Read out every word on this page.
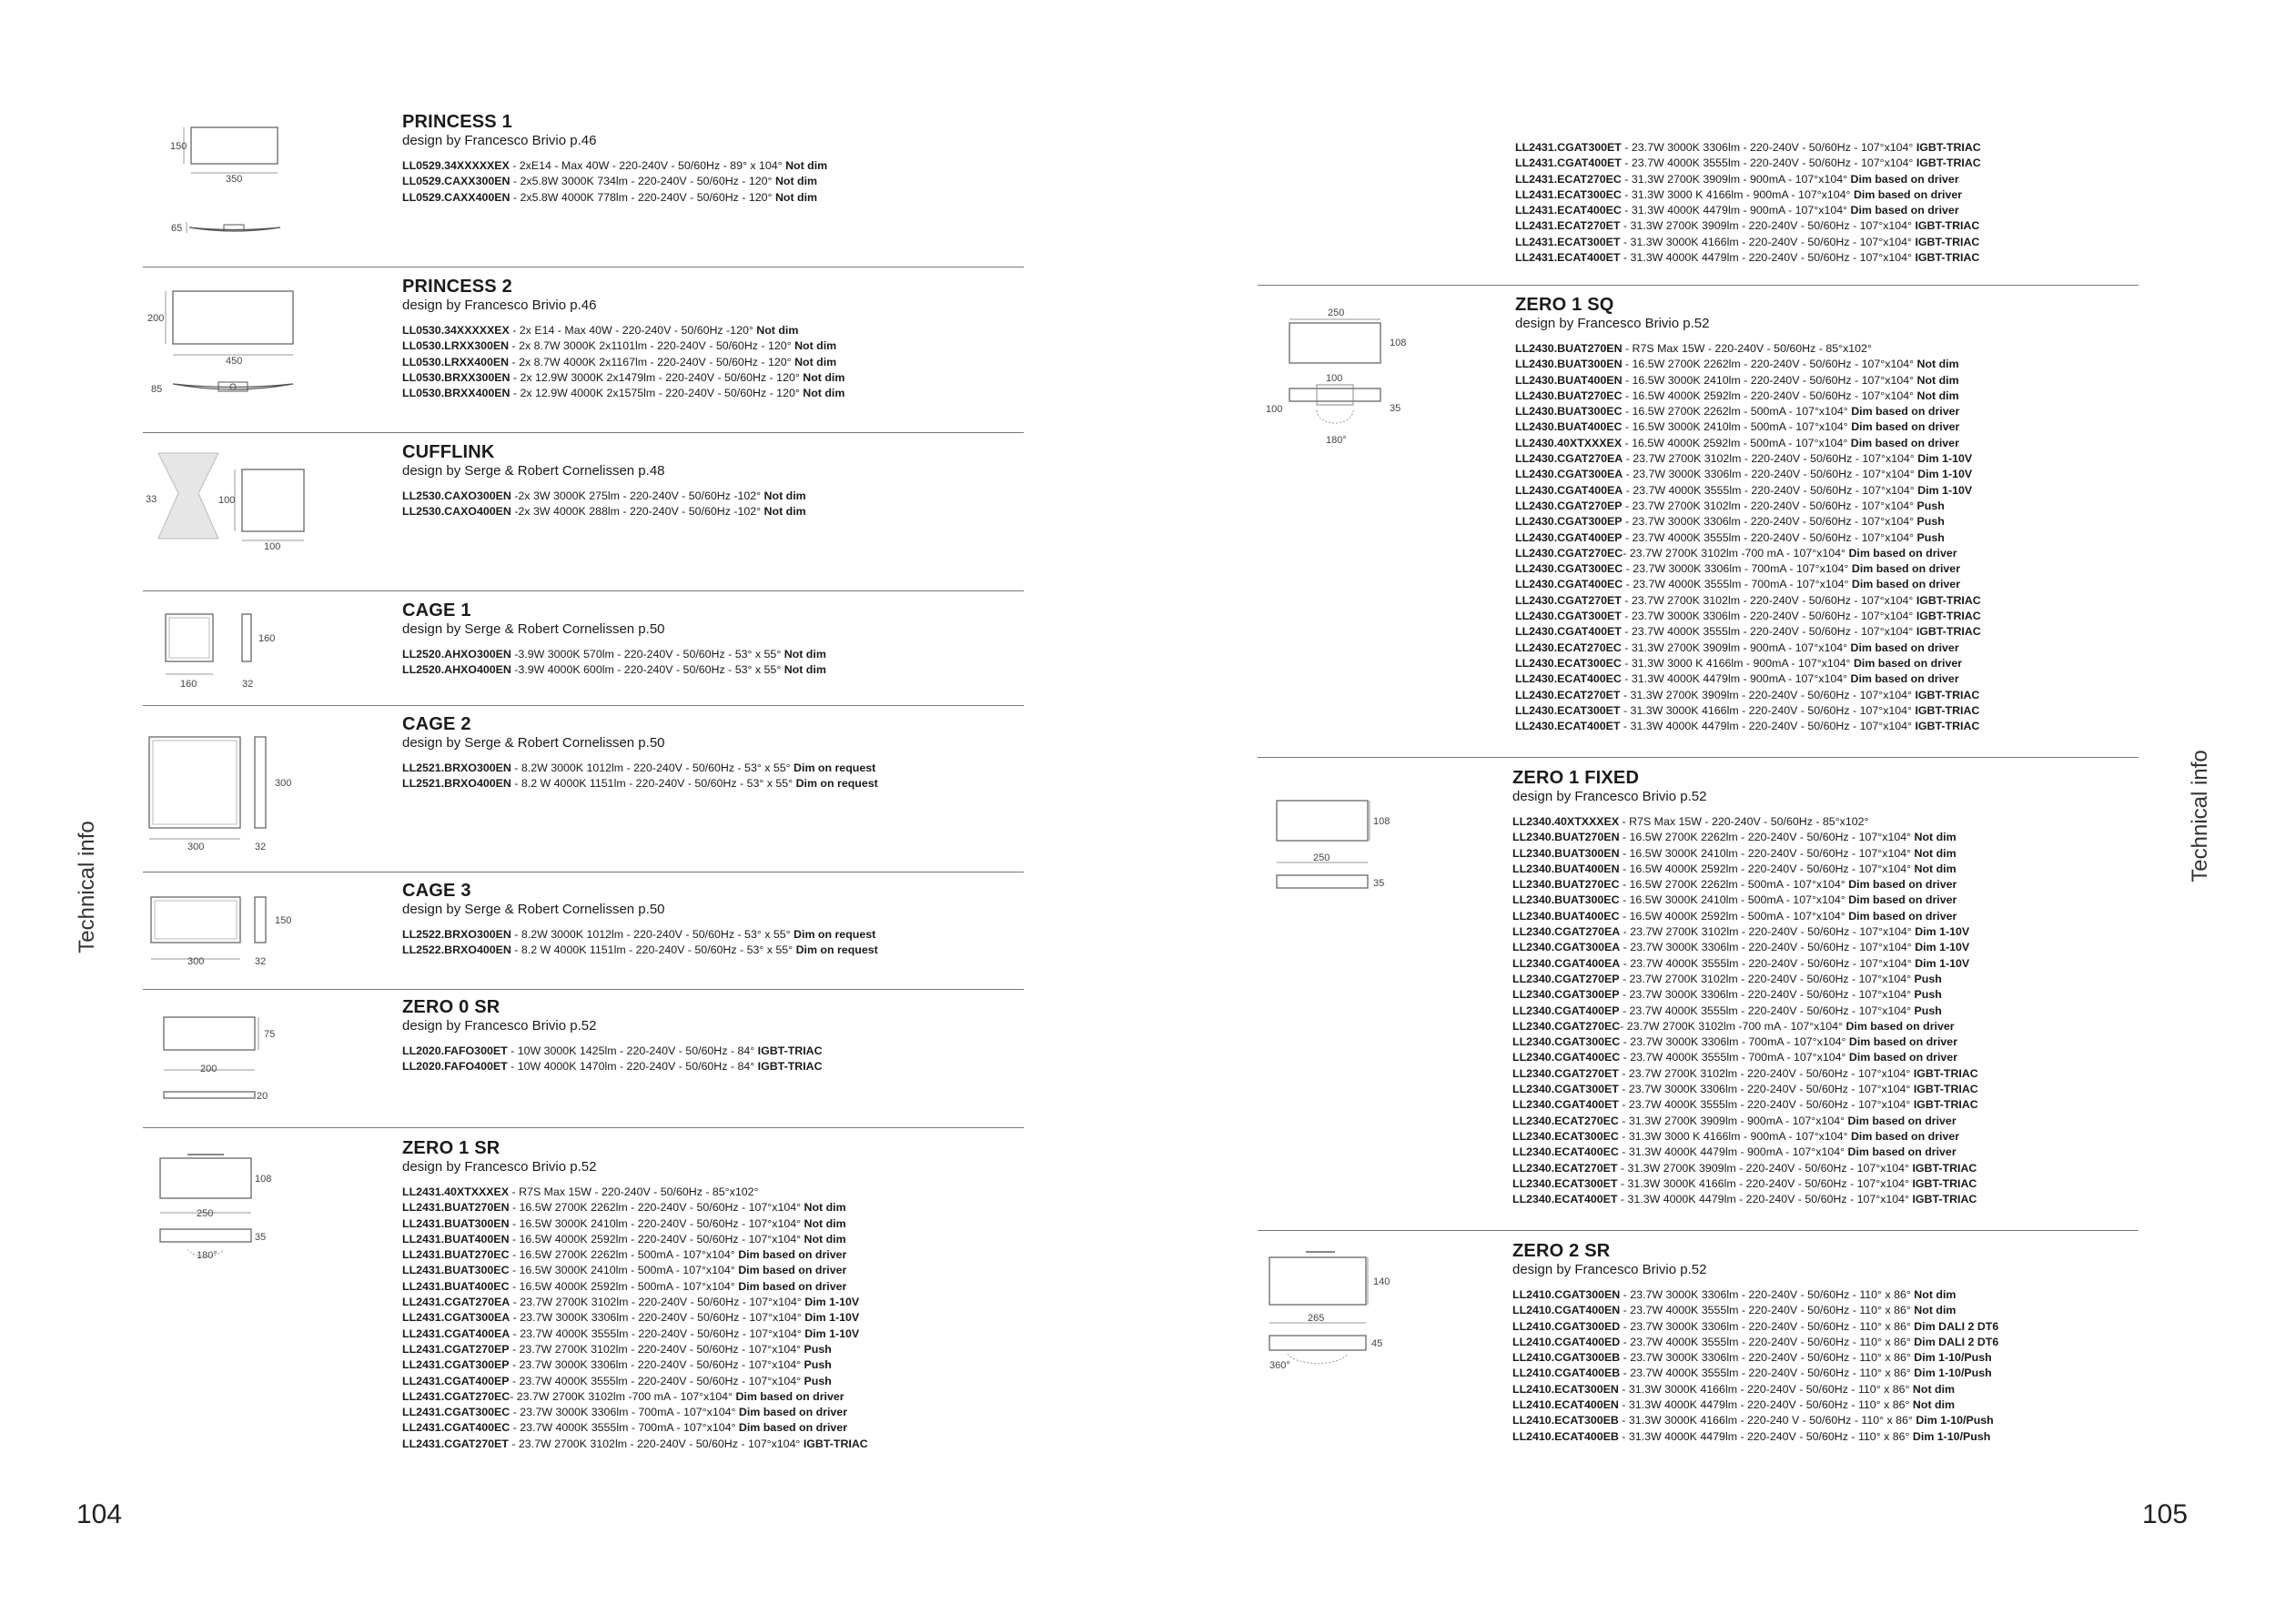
Technical info
Technical info
104	105
150
350
65
200
450
85
33	100
100
160
160
32
300
300
32
300
150
32
75
200
20
108
250
35
180°
250
108
100
100	35
180°
108
250
35
140
265
45
360°
PRINCESS 1
design by Francesco Brivio p.46
LL0529.34XXXXXEX - 2xE14 - Max 40W - 220-240V - 50/60Hz - 89° x 104° Not dim
LL0529.CAXX300EN - 2x5.8W 3000K 734lm - 220-240V - 50/60Hz - 120° Not dim
LL0529.CAXX400EN - 2x5.8W 4000K 778lm - 220-240V - 50/60Hz - 120° Not dim
PRINCESS 2
design by Francesco Brivio p.46
LL0530.34XXXXXEX - 2x E14 - Max 40W - 220-240V - 50/60Hz -120° Not dim
LL0530.LRXX300EN - 2x 8.7W 3000K 2x1101lm - 220-240V - 50/60Hz - 120° Not dim
LL0530.LRXX400EN - 2x 8.7W 4000K 2x1167lm - 220-240V - 50/60Hz - 120° Not dim
LL0530.BRXX300EN - 2x 12.9W 3000K 2x1479lm - 220-240V - 50/60Hz - 120° Not dim
LL0530.BRXX400EN - 2x 12.9W 4000K 2x1575lm - 220-240V - 50/60Hz - 120° Not dim
CUFFLINK
design by Serge & Robert Cornelissen p.48
LL2530.CAXO300EN -2x 3W 3000K 275lm - 220-240V - 50/60Hz -102° Not dim
LL2530.CAXO400EN -2x 3W 4000K 288lm - 220-240V - 50/60Hz -102° Not dim
CAGE 1
design by Serge & Robert Cornelissen p.50
LL2520.AHXO300EN -3.9W 3000K 570lm - 220-240V - 50/60Hz - 53° x 55° Not dim
LL2520.AHXO400EN -3.9W 4000K 600lm - 220-240V - 50/60Hz - 53° x 55° Not dim
CAGE 2
design by Serge & Robert Cornelissen p.50
LL2521.BRXO300EN - 8.2W 3000K 1012lm - 220-240V - 50/60Hz - 53° x 55° Dim on request
LL2521.BRXO400EN - 8.2 W 4000K 1151lm - 220-240V - 50/60Hz - 53° x 55° Dim on request
CAGE 3
design by Serge & Robert Cornelissen p.50
LL2522.BRXO300EN - 8.2W 3000K 1012lm - 220-240V - 50/60Hz - 53° x 55° Dim on request
LL2522.BRXO400EN - 8.2 W 4000K 1151lm - 220-240V - 50/60Hz - 53° x 55° Dim on request
ZERO 0 SR
design by Francesco Brivio p.52
LL2020.FAFO300ET - 10W 3000K 1425lm - 220-240V - 50/60Hz - 84° IGBT-TRIAC
LL2020.FAFO400ET - 10W 4000K 1470lm - 220-240V - 50/60Hz - 84° IGBT-TRIAC
ZERO 1 SR
design by Francesco Brivio p.52
LL2431.40XTXXXEX - R7S Max 15W - 220-240V - 50/60Hz - 85°x102°
LL2431.BUAT270EN - 16.5W 2700K 2262lm - 220-240V - 50/60Hz - 107°x104° Not dim
LL2431.BUAT300EN - 16.5W 3000K 2410lm - 220-240V - 50/60Hz - 107°x104° Not dim
LL2431.BUAT400EN - 16.5W 4000K 2592lm - 220-240V - 50/60Hz - 107°x104° Not dim
LL2431.BUAT270EC - 16.5W 2700K 2262lm - 500mA - 107°x104° Dim based on driver
LL2431.BUAT300EC - 16.5W 3000K 2410lm - 500mA - 107°x104° Dim based on driver
LL2431.BUAT400EC - 16.5W 4000K 2592lm - 500mA - 107°x104° Dim based on driver
LL2431.CGAT270EA - 23.7W 2700K 3102lm - 220-240V - 50/60Hz - 107°x104° Dim 1-10V
LL2431.CGAT300EA - 23.7W 3000K 3306lm - 220-240V - 50/60Hz - 107°x104° Dim 1-10V
LL2431.CGAT400EA - 23.7W 4000K 3555lm - 220-240V - 50/60Hz - 107°x104° Dim 1-10V
LL2431.CGAT270EP - 23.7W 2700K 3102lm - 220-240V - 50/60Hz - 107°x104° Push
LL2431.CGAT300EP - 23.7W 3000K 3306lm - 220-240V - 50/60Hz - 107°x104° Push
LL2431.CGAT400EP - 23.7W 4000K 3555lm - 220-240V - 50/60Hz - 107°x104° Push
LL2431.CGAT270EC- 23.7W 2700K 3102lm -700 mA - 107°x104° Dim based on driver
LL2431.CGAT300EC - 23.7W 3000K 3306lm - 700mA - 107°x104° Dim based on driver
LL2431.CGAT400EC - 23.7W 4000K 3555lm - 700mA - 107°x104° Dim based on driver
LL2431.CGAT270ET - 23.7W 2700K 3102lm - 220-240V - 50/60Hz - 107°x104° IGBT-TRIAC
LL2431.CGAT300ET - 23.7W 3000K 3306lm - 220-240V - 50/60Hz - 107°x104° IGBT-TRIAC
LL2431.CGAT400ET - 23.7W 4000K 3555lm - 220-240V - 50/60Hz - 107°x104° IGBT-TRIAC
LL2431.ECAT270EC - 31.3W 2700K 3909lm - 900mA - 107°x104° Dim based on driver
LL2431.ECAT300EC - 31.3W 3000 K 4166lm - 900mA - 107°x104° Dim based on driver
LL2431.ECAT400EC - 31.3W 4000K 4479lm - 900mA - 107°x104° Dim based on driver
LL2431.ECAT270ET - 31.3W 2700K 3909lm - 220-240V - 50/60Hz - 107°x104° IGBT-TRIAC
LL2431.ECAT300ET - 31.3W 3000K 4166lm - 220-240V - 50/60Hz - 107°x104° IGBT-TRIAC
LL2431.ECAT400ET - 31.3W 4000K 4479lm - 220-240V - 50/60Hz - 107°x104° IGBT-TRIAC
ZERO 1 SQ
design by Francesco Brivio p.52
LL2430.BUAT270EN - R7S Max 15W - 220-240V - 50/60Hz - 85°x102°
LL2430.BUAT300EN - 16.5W 2700K 2262lm - 220-240V - 50/60Hz - 107°x104° Not dim
LL2430.BUAT400EN - 16.5W 3000K 2410lm - 220-240V - 50/60Hz - 107°x104° Not dim
LL2430.BUAT270EC - 16.5W 4000K 2592lm - 220-240V - 50/60Hz - 107°x104° Not dim
LL2430.BUAT300EC - 16.5W 2700K 2262lm - 500mA - 107°x104° Dim based on driver
LL2430.BUAT400EC - 16.5W 3000K 2410lm - 500mA - 107°x104° Dim based on driver
LL2430.40XTXXXEX - 16.5W 4000K 2592lm - 500mA - 107°x104° Dim based on driver
LL2430.CGAT270EA - 23.7W 2700K 3102lm - 220-240V - 50/60Hz - 107°x104° Dim 1-10V
LL2430.CGAT300EA - 23.7W 3000K 3306lm - 220-240V - 50/60Hz - 107°x104° Dim 1-10V
LL2430.CGAT400EA - 23.7W 4000K 3555lm - 220-240V - 50/60Hz - 107°x104° Dim 1-10V
LL2430.CGAT270EP - 23.7W 2700K 3102lm - 220-240V - 50/60Hz - 107°x104° Push
LL2430.CGAT300EP - 23.7W 3000K 3306lm - 220-240V - 50/60Hz - 107°x104° Push
LL2430.CGAT400EP - 23.7W 4000K 3555lm - 220-240V - 50/60Hz - 107°x104° Push
LL2430.CGAT270EC- 23.7W 2700K 3102lm -700 mA - 107°x104° Dim based on driver
LL2430.CGAT300EC - 23.7W 3000K 3306lm - 700mA - 107°x104° Dim based on driver
LL2430.CGAT400EC - 23.7W 4000K 3555lm - 700mA - 107°x104° Dim based on driver
LL2430.CGAT270ET - 23.7W 2700K 3102lm - 220-240V - 50/60Hz - 107°x104° IGBT-TRIAC
LL2430.CGAT300ET - 23.7W 3000K 3306lm - 220-240V - 50/60Hz - 107°x104° IGBT-TRIAC
LL2430.CGAT400ET - 23.7W 4000K 3555lm - 220-240V - 50/60Hz - 107°x104° IGBT-TRIAC
LL2430.ECAT270EC - 31.3W 2700K 3909lm - 900mA - 107°x104° Dim based on driver
LL2430.ECAT300EC - 31.3W 3000 K 4166lm - 900mA - 107°x104° Dim based on driver
LL2430.ECAT400EC - 31.3W 4000K 4479lm - 900mA - 107°x104° Dim based on driver
LL2430.ECAT270ET - 31.3W 2700K 3909lm - 220-240V - 50/60Hz - 107°x104° IGBT-TRIAC
LL2430.ECAT300ET - 31.3W 3000K 4166lm - 220-240V - 50/60Hz - 107°x104° IGBT-TRIAC
LL2430.ECAT400ET - 31.3W 4000K 4479lm - 220-240V - 50/60Hz - 107°x104° IGBT-TRIAC
ZERO 1 FIXED
design by Francesco Brivio p.52
LL2340.40XTXXXEX - R7S Max 15W - 220-240V - 50/60Hz - 85°x102°
LL2340.BUAT270EN - 16.5W 2700K 2262lm - 220-240V - 50/60Hz - 107°x104° Not dim
LL2340.BUAT300EN - 16.5W 3000K 2410lm - 220-240V - 50/60Hz - 107°x104° Not dim
LL2340.BUAT400EN - 16.5W 4000K 2592lm - 220-240V - 50/60Hz - 107°x104° Not dim
LL2340.BUAT270EC - 16.5W 2700K 2262lm - 500mA - 107°x104° Dim based on driver
LL2340.BUAT300EC - 16.5W 3000K 2410lm - 500mA - 107°x104° Dim based on driver
LL2340.BUAT400EC - 16.5W 4000K 2592lm - 500mA - 107°x104° Dim based on driver
LL2340.CGAT270EA - 23.7W 2700K 3102lm - 220-240V - 50/60Hz - 107°x104° Dim 1-10V
LL2340.CGAT300EA - 23.7W 3000K 3306lm - 220-240V - 50/60Hz - 107°x104° Dim 1-10V
LL2340.CGAT400EA - 23.7W 4000K 3555lm - 220-240V - 50/60Hz - 107°x104° Dim 1-10V
LL2340.CGAT270EP - 23.7W 2700K 3102lm - 220-240V - 50/60Hz - 107°x104° Push
LL2340.CGAT300EP - 23.7W 3000K 3306lm - 220-240V - 50/60Hz - 107°x104° Push
LL2340.CGAT400EP - 23.7W 4000K 3555lm - 220-240V - 50/60Hz - 107°x104° Push
LL2340.CGAT270EC- 23.7W 2700K 3102lm -700 mA - 107°x104° Dim based on driver
LL2340.CGAT300EC - 23.7W 3000K 3306lm - 700mA - 107°x104° Dim based on driver
LL2340.CGAT400EC - 23.7W 4000K 3555lm - 700mA - 107°x104° Dim based on driver
LL2340.CGAT270ET - 23.7W 2700K 3102lm - 220-240V - 50/60Hz - 107°x104° IGBT-TRIAC
LL2340.CGAT300ET - 23.7W 3000K 3306lm - 220-240V - 50/60Hz - 107°x104° IGBT-TRIAC
LL2340.CGAT400ET - 23.7W 4000K 3555lm - 220-240V - 50/60Hz - 107°x104° IGBT-TRIAC
LL2340.ECAT270EC - 31.3W 2700K 3909lm - 900mA - 107°x104° Dim based on driver
LL2340.ECAT300EC - 31.3W 3000 K 4166lm - 900mA - 107°x104° Dim based on driver
LL2340.ECAT400EC - 31.3W 4000K 4479lm - 900mA - 107°x104° Dim based on driver
LL2340.ECAT270ET - 31.3W 2700K 3909lm - 220-240V - 50/60Hz - 107°x104° IGBT-TRIAC
LL2340.ECAT300ET - 31.3W 3000K 4166lm - 220-240V - 50/60Hz - 107°x104° IGBT-TRIAC
LL2340.ECAT400ET - 31.3W 4000K 4479lm - 220-240V - 50/60Hz - 107°x104° IGBT-TRIAC
ZERO 2 SR
design by Francesco Brivio p.52
LL2410.CGAT300EN - 23.7W 3000K 3306lm - 220-240V - 50/60Hz - 110° x 86° Not dim
LL2410.CGAT400EN - 23.7W 4000K 3555lm - 220-240V - 50/60Hz - 110° x 86° Not dim
LL2410.CGAT300ED - 23.7W 3000K 3306lm - 220-240V - 50/60Hz - 110° x 86° Dim DALI 2 DT6
LL2410.CGAT400ED - 23.7W 4000K 3555lm - 220-240V - 50/60Hz - 110° x 86° Dim DALI 2 DT6
LL2410.CGAT300EB - 23.7W 3000K 3306lm - 220-240V - 50/60Hz - 110° x 86° Dim 1-10/Push
LL2410.CGAT400EB - 23.7W 4000K 3555lm - 220-240V - 50/60Hz - 110° x 86° Dim 1-10/Push
LL2410.ECAT300EN - 31.3W 3000K 4166lm - 220-240V - 50/60Hz - 110° x 86° Not dim
LL2410.ECAT400EN - 31.3W 4000K 4479lm - 220-240V - 50/60Hz - 110° x 86° Not dim
LL2410.ECAT300EB - 31.3W 3000K 4166lm - 220-240 V - 50/60Hz - 110° x 86° Dim 1-10/Push
LL2410.ECAT400EB - 31.3W 4000K 4479lm - 220-240V - 50/60Hz - 110° x 86° Dim 1-10/Push
